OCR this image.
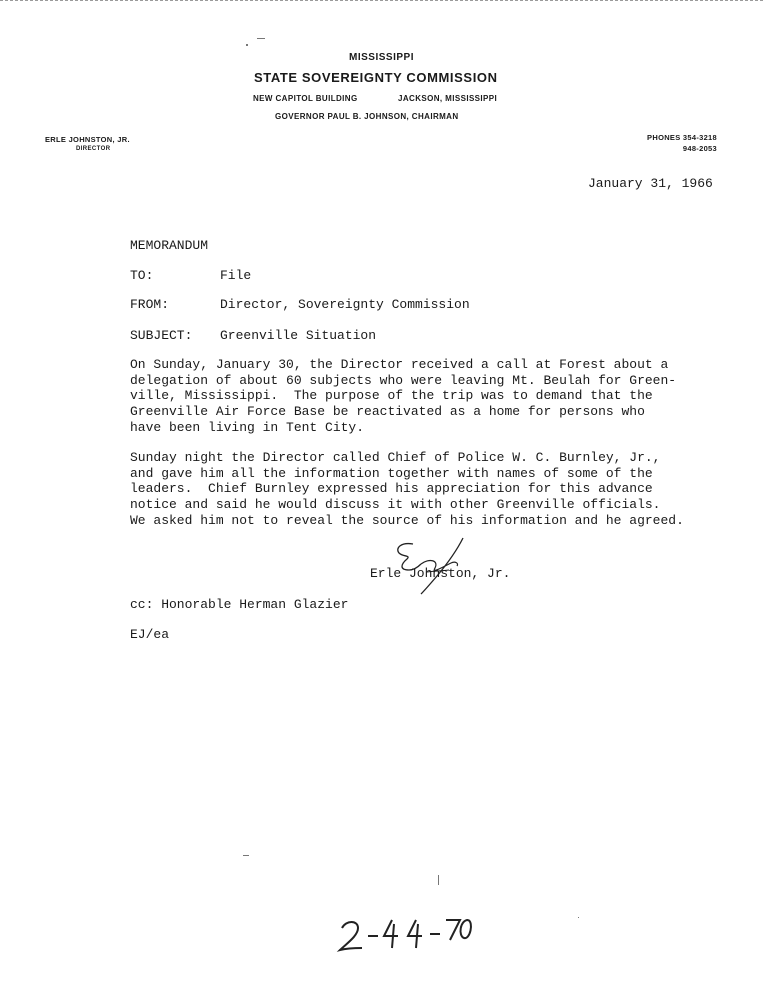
MISSISSIPPI
STATE SOVEREIGNTY COMMISSION
NEW CAPITOL BUILDING	JACKSON, MISSISSIPPI
GOVERNOR PAUL B. JOHNSON, CHAIRMAN
ERLE JOHNSTON, JR.
DIRECTOR
PHONES 354-3218
948-2053
January 31, 1966
MEMORANDUM
TO:	File
FROM:	Director, Sovereignty Commission
SUBJECT: Greenville Situation
On Sunday, January 30, the Director received a call at Forest about a
delegation of about 60 subjects who were leaving Mt. Beulah for Green-
ville, Mississippi.  The purpose of the trip was to demand that the
Greenville Air Force Base be reactivated as a home for persons who
have been living in Tent City.
Sunday night the Director called Chief of Police W. C. Burnley, Jr.,
and gave him all the information together with names of some of the
leaders.  Chief Burnley expressed his appreciation for this advance
notice and said he would discuss it with other Greenville officials.
We asked him not to reveal the source of his information and he agreed.
Erle Johnston, Jr.
cc: Honorable Herman Glazier
EJ/ea
